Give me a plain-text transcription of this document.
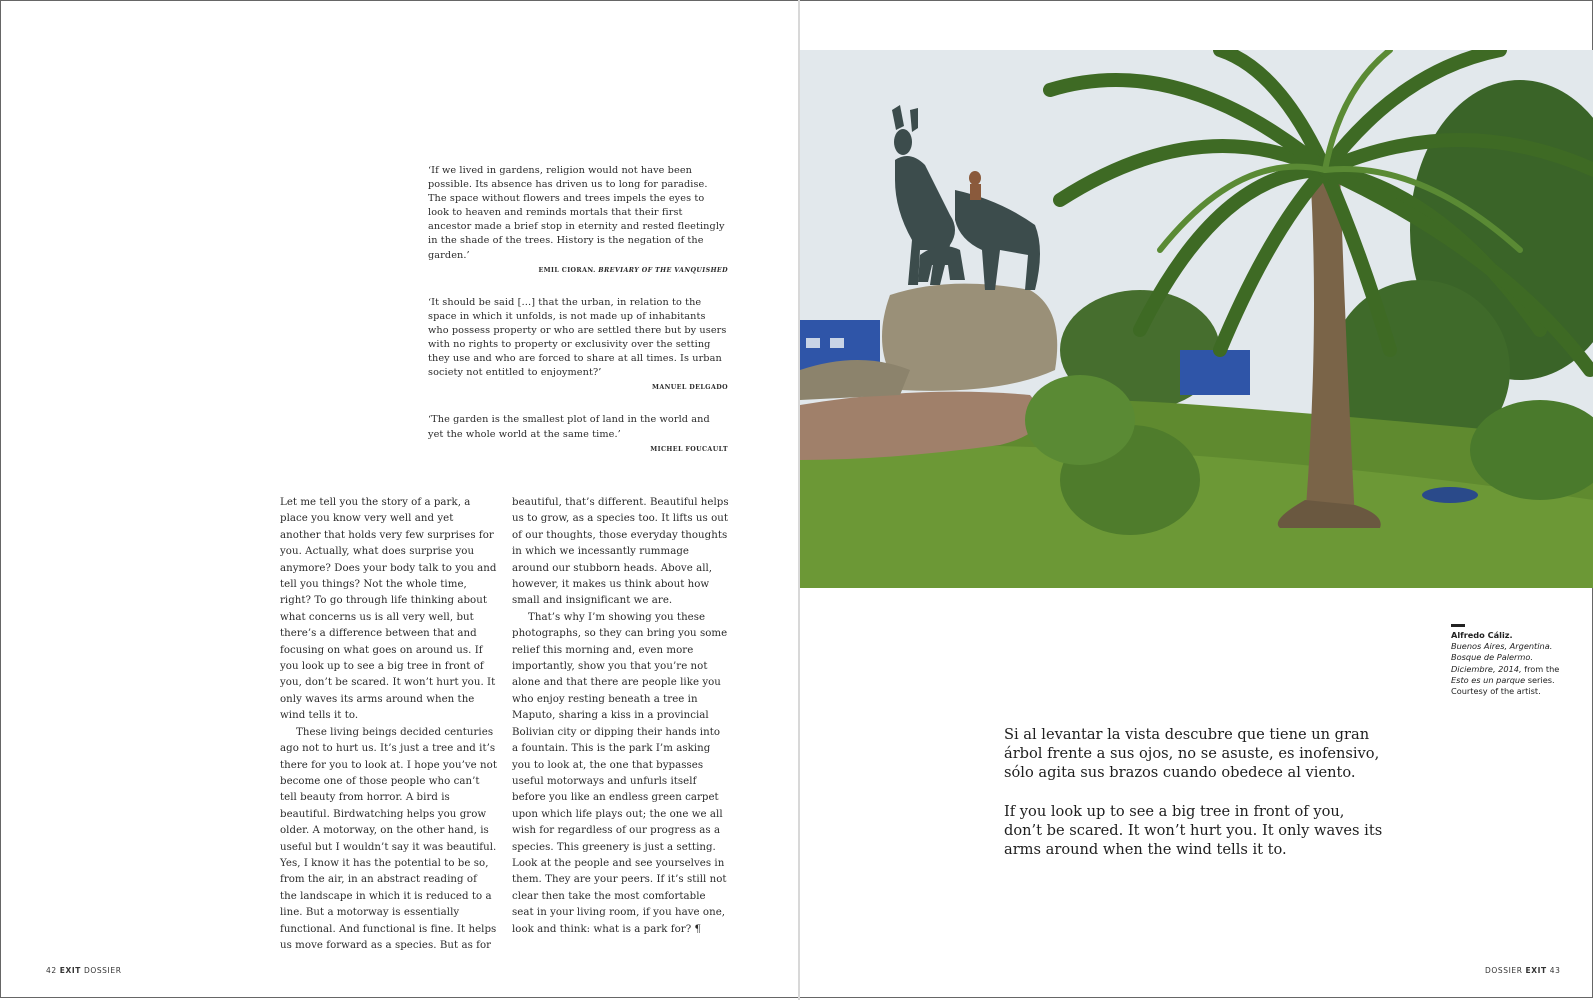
‘If we lived in gardens, religion would not have been possible. Its absence has driven us to long for paradise. The space without flowers and trees impels the eyes to look to heaven and reminds mortals that their first ancestor made a brief stop in eternity and rested fleetingly in the shade of the trees. History is the negation of the garden.’

EMIL CIORAN. BREVIARY OF THE VANQUISHED

‘It should be said […] that the urban, in relation to the space in which it unfolds, is not made up of inhabitants who possess property or who are settled there but by users with no rights to property or exclusivity over the setting they use and who are forced to share at all times. Is urban society not entitled to enjoyment?’

MANUEL DELGADO

‘The garden is the smallest plot of land in the world and yet the whole world at the same time.’

MICHEL FOUCAULT

Let me tell you the story of a park, a place you know very well and yet another that holds very few surprises for you. Actually, what does surprise you anymore? Does your body talk to you and tell you things? Not the whole time, right? To go through life thinking about what concerns us is all very well, but there’s a difference between that and focusing on what goes on around us. If you look up to see a big tree in front of you, don’t be scared. It won’t hurt you. It only waves its arms around when the wind tells it to.

These living beings decided centuries ago not to hurt us. It’s just a tree and it’s there for you to look at. I hope you’ve not become one of those people who can’t tell beauty from horror. A bird is beautiful. Birdwatching helps you grow older. A motorway, on the other hand, is useful but I wouldn’t say it was beautiful. Yes, I know it has the potential to be so, from the air, in an abstract reading of the landscape in which it is reduced to a line. But a motorway is essentially functional. And functional is fine. It helps us move forward as a species. But as for

beautiful, that’s different. Beautiful helps us to grow, as a species too. It lifts us out of our thoughts, those everyday thoughts in which we incessantly rummage around our stubborn heads. Above all, however, it makes us think about how small and insignificant we are.

That’s why I’m showing you these photographs, so they can bring you some relief this morning and, even more importantly, show you that you’re not alone and that there are people like you who enjoy resting beneath a tree in Maputo, sharing a kiss in a provincial Bolivian city or dipping their hands into a fountain. This is the park I’m asking you to look at, the one that bypasses useful motorways and unfurls itself before you like an endless green carpet upon which life plays out; the one we all wish for regardless of our progress as a species. This greenery is just a setting. Look at the people and see yourselves in them. They are your peers. If it’s still not clear then take the most comfortable seat in your living room, if you have one, look and think: what is a park for? ¶

42 EXIT DOSSIER	DOSSIER EXIT 43
Alfredo Cáliz.
Buenos Aires, Argentina. Bosque de Palermo. Diciembre, 2014, from the Esto es un parque series. Courtesy of the artist.

Si al levantar la vista descubre que tiene un gran árbol frente a sus ojos, no se asuste, es inofensivo, sólo agita sus brazos cuando obedece al viento.

If you look up to see a big tree in front of you, don’t be scared. It won’t hurt you. It only waves its arms around when the wind tells it to.
